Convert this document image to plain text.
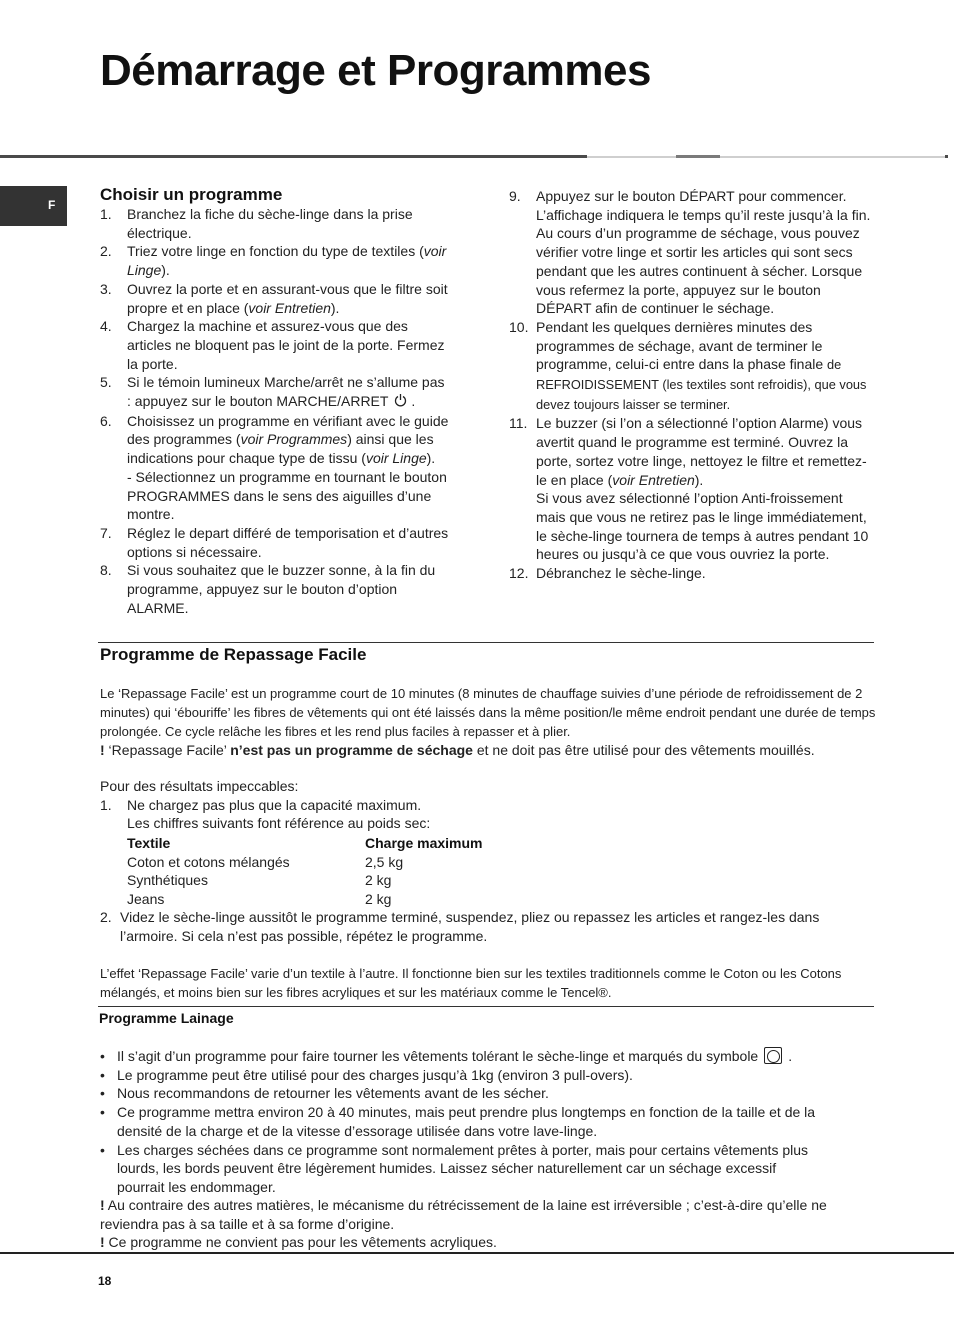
Démarrage et Programmes
F
Choisir un programme
1. Branchez la fiche du sèche-linge dans la prise électrique.
2. Triez votre linge en fonction du type de textiles (voir Linge).
3. Ouvrez la porte et en assurant-vous que le filtre soit propre et en place (voir Entretien).
4. Chargez la machine et assurez-vous que des articles ne bloquent pas le joint de la porte. Fermez la porte.
5. Si le témoin lumineux Marche/arrêt ne s’allume pas : appuyez sur le bouton MARCHE/ARRET .
6. Choisissez un programme en vérifiant avec le guide des programmes (voir Programmes) ainsi que les indications pour chaque type de tissu (voir Linge).
- Sélectionnez un programme en tournant le bouton PROGRAMMES dans le sens des aiguilles d’une montre.
7. Réglez le depart différé de temporisation et d’autres options si nécessaire.
8. Si vous souhaitez que le buzzer sonne, à la fin du programme, appuyez sur le bouton d’option ALARME.
9. Appuyez sur le bouton DÉPART pour commencer. L’affichage indiquera le temps qu’il reste jusqu’à la fin.
Au cours d’un programme de séchage, vous pouvez vérifier votre linge et sortir les articles qui sont secs pendant que les autres continuent à sécher. Lorsque vous refermez la porte, appuyez sur le bouton DÉPART afin de continuer le séchage.
10. Pendant les quelques dernières minutes des programmes de séchage, avant de terminer le programme, celui-ci entre dans la phase finale de REFROIDISSEMENT (les textiles sont refroidis), que vous devez toujours laisser se terminer.
11. Le buzzer (si l’on a sélectionné l’option Alarme) vous avertit quand le programme est terminé. Ouvrez la porte, sortez votre linge, nettoyez le filtre et remettez-le en place (voir Entretien).
Si vous avez sélectionné l’option Anti-froissement mais que vous ne retirez pas le linge immédiatement, le sèche-linge tournera de temps à autres pendant 10 heures ou jusqu’à ce que vous ouvriez la porte.
12. Débranchez le sèche-linge.
Programme de Repassage Facile
Le ‘Repassage Facile’ est un programme court de 10 minutes (8 minutes de chauffage suivies d’une période de refroidissement de 2 minutes) qui ‘ébouriffe’ les fibres de vêtements qui ont été laissés dans la même position/le même endroit pendant une durée de temps prolongée. Ce cycle relâche les fibres et les rend plus faciles à repasser et à plier.
! ‘Repassage Facile’ n’est pas un programme de séchage et ne doit pas être utilisé pour des vêtements mouillés.
Pour des résultats impeccables:
1. Ne chargez pas plus que la capacité maximum.
Les chiffres suivants font référence au poids sec:
Textile	Charge maximum
Coton et cotons mélangés	2,5 kg
Synthétiques	2 kg
Jeans	2 kg
2. Videz le sèche-linge aussitôt le programme terminé, suspendez, pliez ou repassez les articles et rangez-les dans l’armoire. Si cela n’est pas possible, répétez le programme.
L’effet ‘Repassage Facile’ varie d’un textile à l’autre. Il fonctionne bien sur les textiles traditionnels comme le Coton ou les Cotons mélangés, et moins bien sur les fibres acryliques et sur les matériaux comme le Tencel®.
Programme Lainage
• Il s’agit d’un programme pour faire tourner les vêtements tolérant le sèche-linge et marqués du symbole .
• Le programme peut être utilisé pour des charges jusqu’à 1kg (environ 3 pull-overs).
• Nous recommandons de retourner les vêtements avant de les sécher.
• Ce programme mettra environ 20 à 40 minutes, mais peut prendre plus longtemps en fonction de la taille et de la densité de la charge et de la vitesse d’essorage utilisée dans votre lave-linge.
• Les charges séchées dans ce programme sont normalement prêtes à porter, mais pour certains vêtements plus lourds, les bords peuvent être légèrement humides. Laissez sécher naturellement car un séchage excessif pourrait les endommager.
! Au contraire des autres matières, le mécanisme du rétrécissement de la laine est irréversible ; c’est-à-dire qu’elle ne reviendra pas à sa taille et à sa forme d’origine.
! Ce programme ne convient pas pour les vêtements acryliques.
18
